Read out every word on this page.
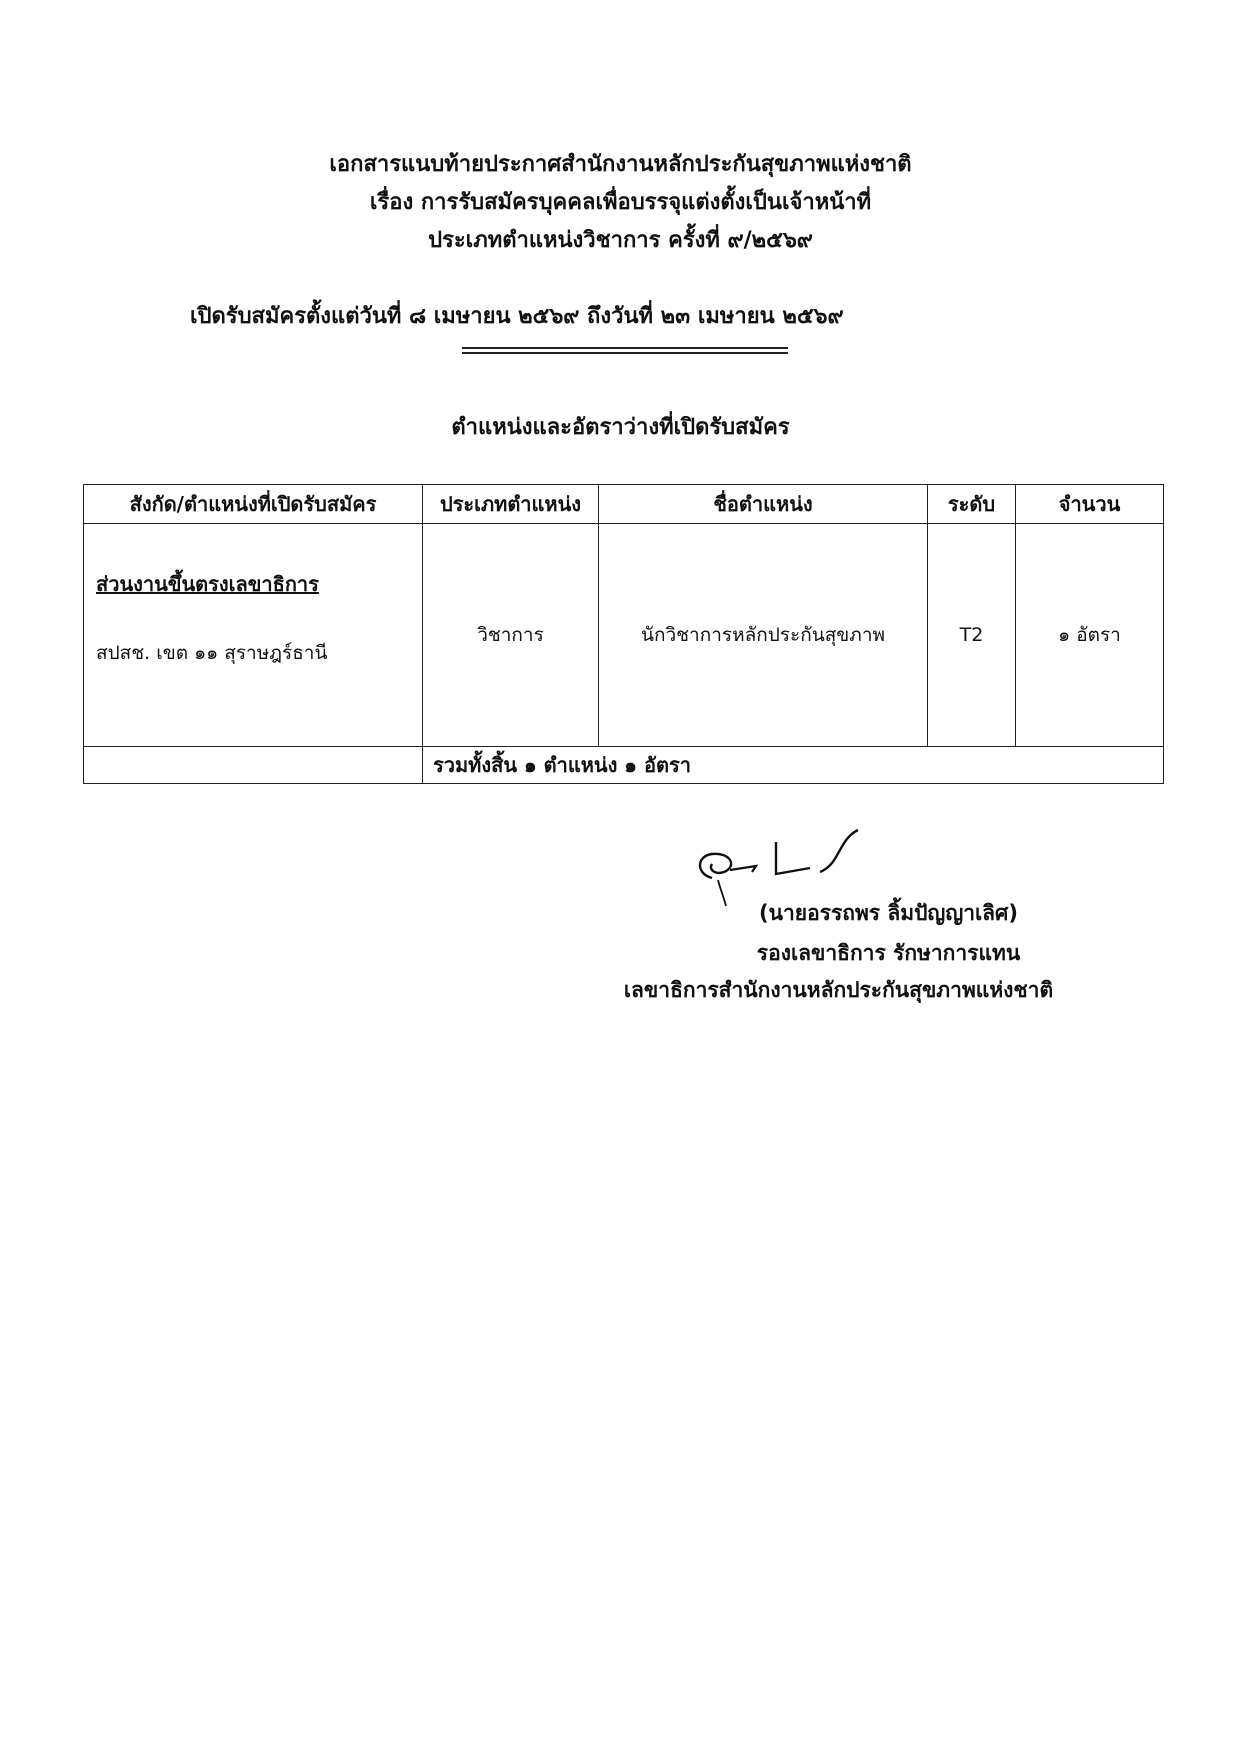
เอกสารแนบท้ายประกาศสำนักงานหลักประกันสุขภาพแห่งชาติ
เรื่อง การรับสมัครบุคคลเพื่อบรรจุแต่งตั้งเป็นเจ้าหน้าที่
ประเภทตำแหน่งวิชาการ ครั้งที่ ๙/๒๕๖๙
เปิดรับสมัครตั้งแต่วันที่ ๘ เมษายน ๒๕๖๙ ถึงวันที่ ๒๓ เมษายน ๒๕๖๙
ตำแหน่งและอัตราว่างที่เปิดรับสมัคร
สังกัด/ตำแหน่งที่เปิดรับสมัคร	ประเภทตำแหน่ง	ชื่อตำแหน่ง	ระดับ	จำนวน

ส่วนงานขึ้นตรงเลขาธิการ
สปสช. เขต ๑๑ สุราษฎร์ธานี	วิชาการ	นักวิชาการหลักประกันสุขภาพ	T2	๑ อัตรา
	รวมทั้งสิ้น ๑ ตำแหน่ง ๑ อัตรา			
(นายอรรถพร ลิ้มปัญญาเลิศ)
รองเลขาธิการ รักษาการแทน
เลขาธิการสำนักงานหลักประกันสุขภาพแห่งชาติ
